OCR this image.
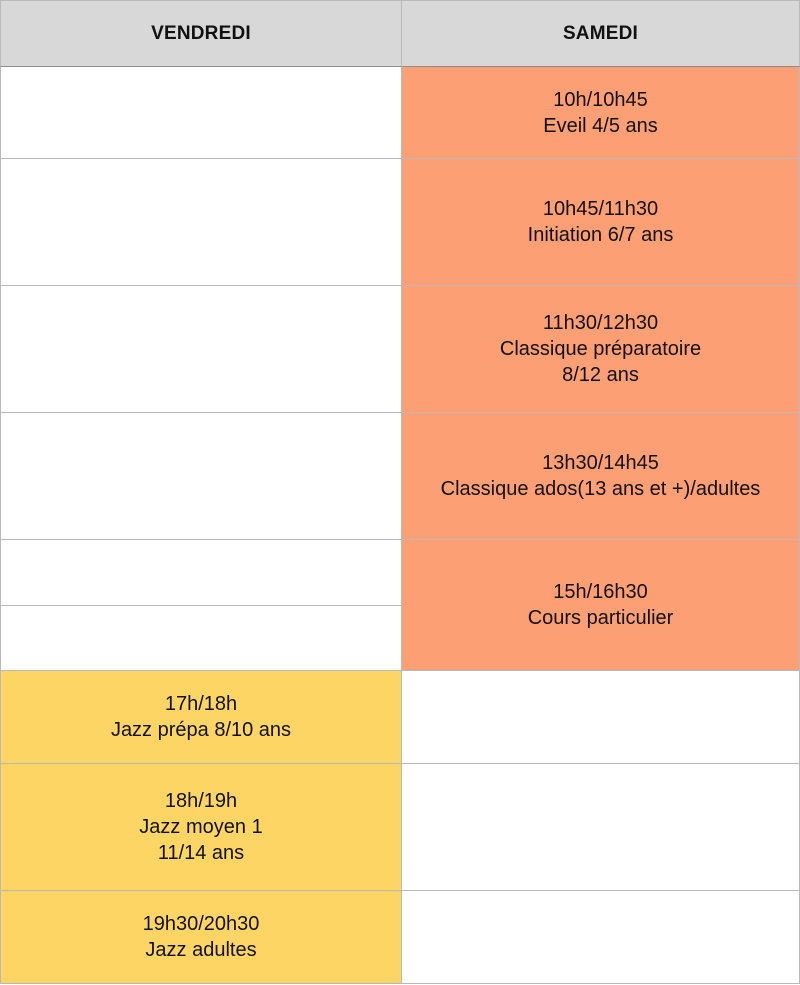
VENDREDI	SAMEDI
10h/10h45
Eveil 4/5 ans
10h45/11h30
Initiation 6/7 ans
11h30/12h30
Classique préparatoire
8/12 ans
13h30/14h45
Classique ados(13 ans et +)/adultes
15h/16h30
Cours particulier
17h/18h
Jazz prépa 8/10 ans
18h/19h
Jazz moyen 1
11/14 ans
19h30/20h30
Jazz adultes
